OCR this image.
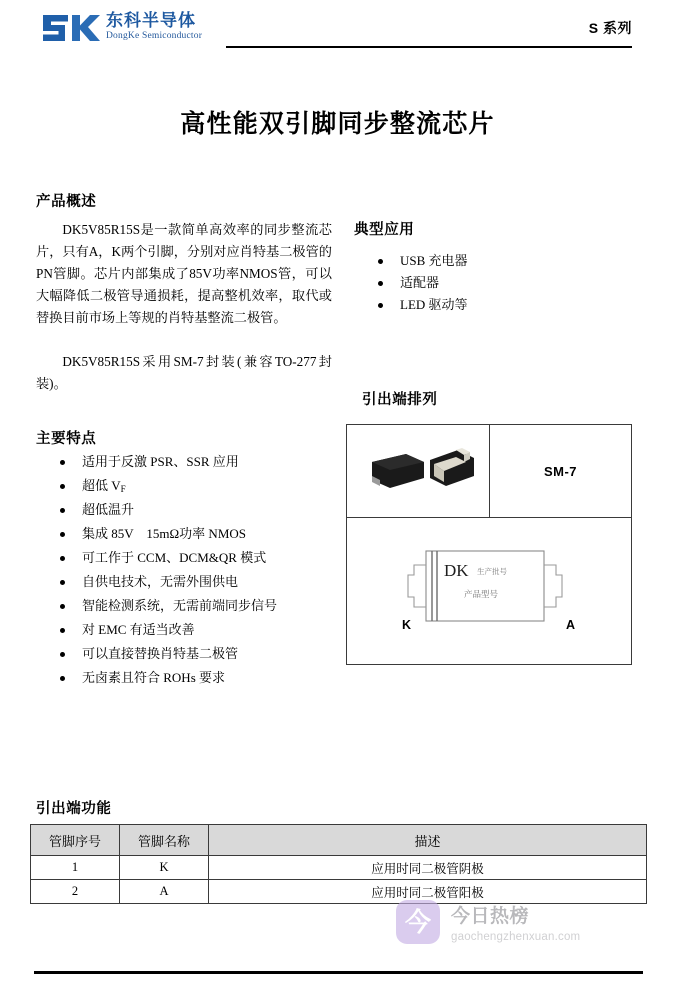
东科半导体
DongKe Semiconductor	S 系列
高性能双引脚同步整流芯片
产品概述
DK5V85R15S是一款简单高效率的同步整流芯片，只有A，K两个引脚，分别对应肖特基二极管的PN管脚。芯片内部集成了85V功率NMOS管，可以大幅降低二极管导通损耗，提高整机效率，取代或替换目前市场上等规的肖特基整流二极管。
DK5V85R15S采用SM-7封装(兼容TO-277封装)。
典型应用
USB 充电器
适配器
LED 驱动等
主要特点
适用于反激 PSR、SSR 应用
超低 $V_F$
超低温升
集成 85V　15mΩ功率 NMOS
可工作于 CCM、DCM&QR 模式
自供电技术，无需外围供电
智能检测系统，无需前端同步信号
对 EMC 有适当改善
可以直接替换肖特基二极管
无卤素且符合 ROHs 要求
引出端排列
SM-7
DK 生产批号
产品型号
K	A
引出端功能
管脚序号	管脚名称	描述
1	K	应用时同二极管阴极
2	A	应用时同二极管阳极
今 今日热榜
gaochengzhenxuan.com
